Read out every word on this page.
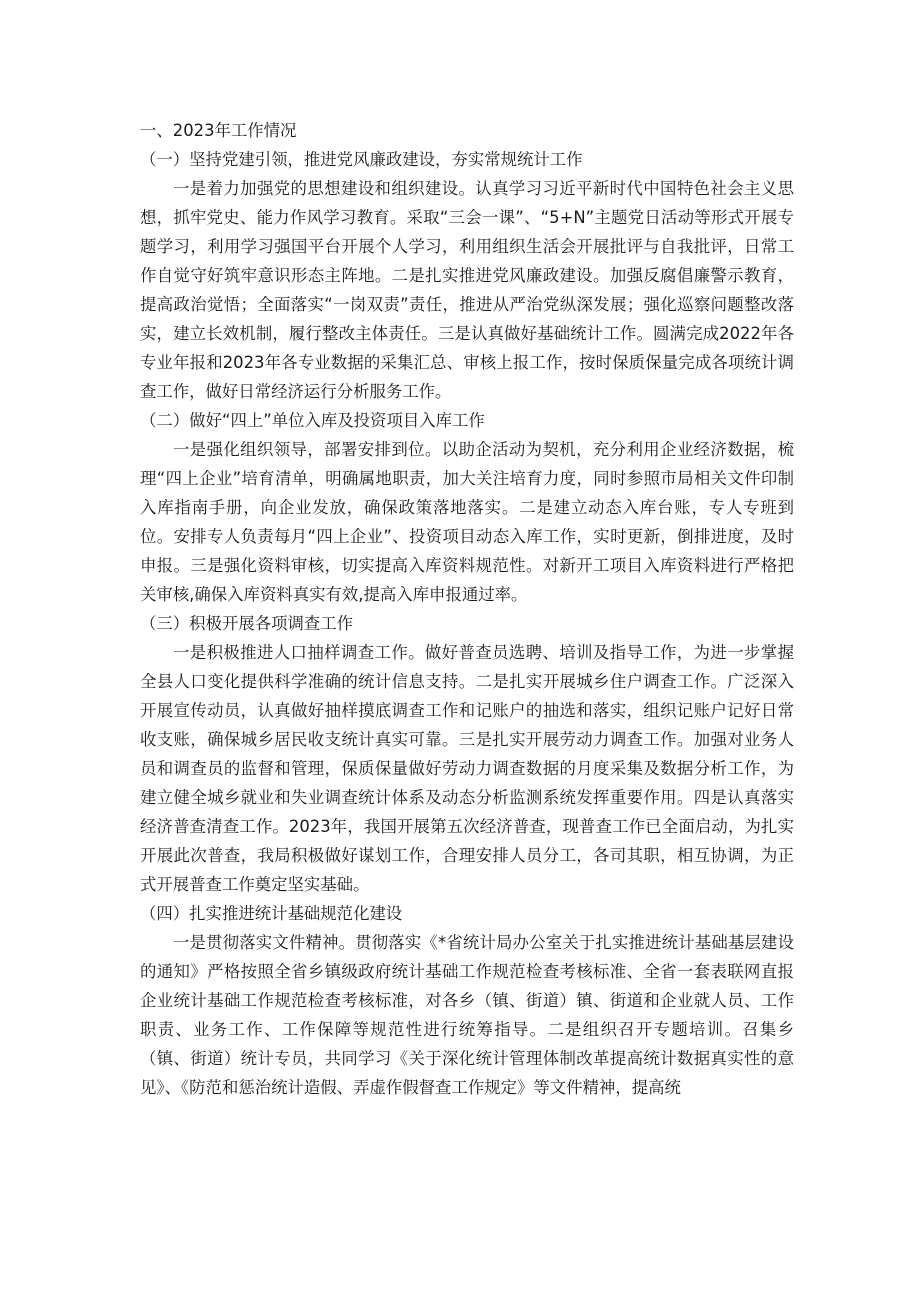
一、2023年工作情况

（一）坚持党建引领，推进党风廉政建设，夯实常规统计工作

一是着力加强党的思想建设和组织建设。认真学习习近平新时代中国特色社会主义思想，抓牢党史、能力作风学习教育。采取“三会一课”、“5+N”主题党日活动等形式开展专题学习，利用学习强国平台开展个人学习，利用组织生活会开展批评与自我批评，日常工作自觉守好筑牢意识形态主阵地。二是扎实推进党风廉政建设。加强反腐倡廉警示教育，提高政治觉悟；全面落实“一岗双责”责任，推进从严治党纵深发展；强化巡察问题整改落实，建立长效机制，履行整改主体责任。三是认真做好基础统计工作。圆满完成2022年各专业年报和2023年各专业数据的采集汇总、审核上报工作，按时保质保量完成各项统计调查工作，做好日常经济运行分析服务工作。

（二）做好“四上”单位入库及投资项目入库工作

一是强化组织领导，部署安排到位。以助企活动为契机，充分利用企业经济数据，梳理“四上企业”培育清单，明确属地职责，加大关注培育力度，同时参照市局相关文件印制入库指南手册，向企业发放，确保政策落地落实。二是建立动态入库台账，专人专班到位。安排专人负责每月“四上企业”、投资项目动态入库工作，实时更新，倒排进度，及时申报。三是强化资料审核，切实提高入库资料规范性。对新开工项目入库资料进行严格把关审核,确保入库资料真实有效,提高入库申报通过率。

（三）积极开展各项调查工作

一是积极推进人口抽样调查工作。做好普查员选聘、培训及指导工作，为进一步掌握全县人口变化提供科学准确的统计信息支持。二是扎实开展城乡住户调查工作。广泛深入开展宣传动员，认真做好抽样摸底调查工作和记账户的抽选和落实，组织记账户记好日常收支账，确保城乡居民收支统计真实可靠。三是扎实开展劳动力调查工作。加强对业务人员和调查员的监督和管理，保质保量做好劳动力调查数据的月度采集及数据分析工作，为建立健全城乡就业和失业调查统计体系及动态分析监测系统发挥重要作用。四是认真落实经济普查清查工作。2023年，我国开展第五次经济普查，现普查工作已全面启动，为扎实开展此次普查，我局积极做好谋划工作，合理安排人员分工，各司其职，相互协调，为正式开展普查工作奠定坚实基础。

（四）扎实推进统计基础规范化建设

一是贯彻落实文件精神。贯彻落实《*省统计局办公室关于扎实推进统计基础基层建设的通知》严格按照全省乡镇级政府统计基础工作规范检查考核标准、全省一套表联网直报企业统计基础工作规范检查考核标准，对各乡（镇、街道）镇、街道和企业就人员、工作职责、业务工作、工作保障等规范性进行统筹指导。二是组织召开专题培训。召集乡（镇、街道）统计专员，共同学习《关于深化统计管理体制改革提高统计数据真实性的意见》、《防范和惩治统计造假、弄虚作假督查工作规定》等文件精神，提高统
